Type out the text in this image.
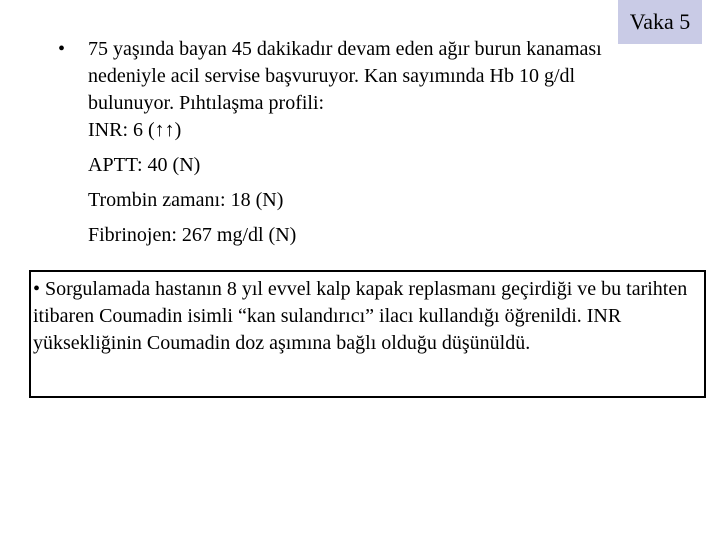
Vaka 5
•	75 yaşında bayan 45 dakikadır devam eden ağır burun kanaması nedeniyle acil servise başvuruyor. Kan sayımında Hb 10 g/dl bulunuyor. Pıhtılaşma profili:
INR: 6 (↑↑)
APTT: 40 (N)
Trombin zamanı: 18 (N)
Fibrinojen: 267 mg/dl (N)
• Sorgulamada hastanın 8 yıl evvel kalp kapak replasmanı geçirdiği ve bu tarihten itibaren Coumadin isimli “kan sulandırıcı” ilacı kullandığı öğrenildi. INR yüksekliğinin Coumadin doz aşımına bağlı olduğu düşünüldü.
